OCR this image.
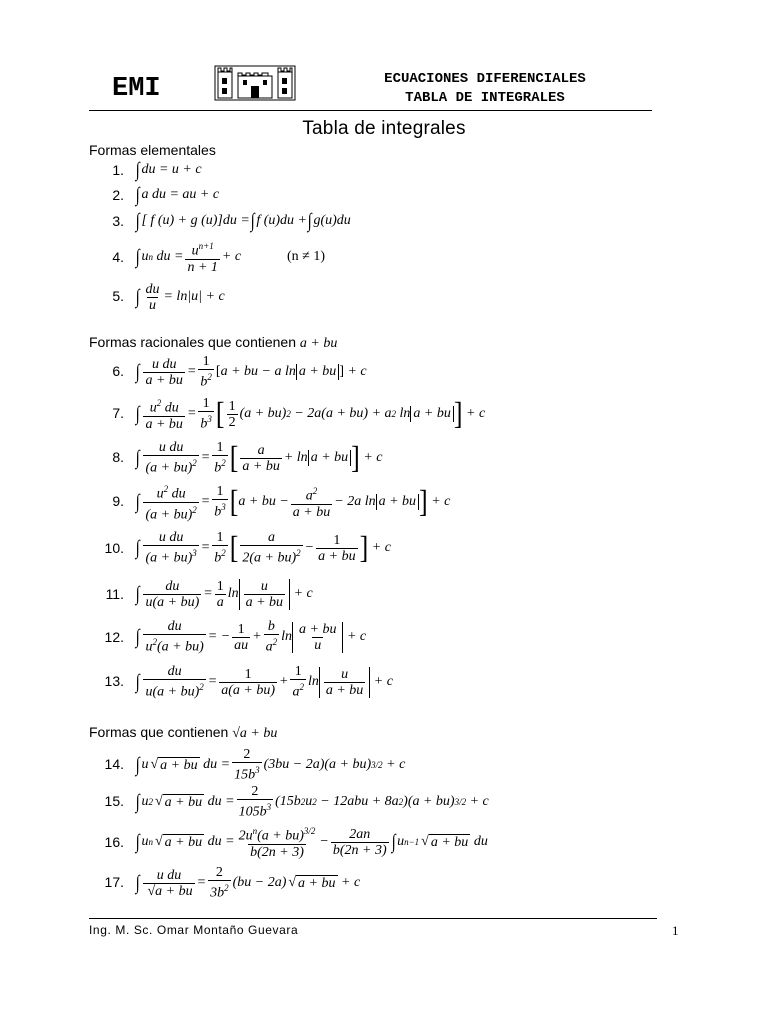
EMI	ECUACIONES DIFERENCIALES
TABLA DE INTEGRALES
Tabla de integrales
Formas elementales
1. ∫ du = u + c
2. ∫ a du = au + c
3. ∫ [ f (u) + g (u)]du = ∫ f (u)du + ∫ g(u)du
4. ∫ u n du = $\frac{u^{n+1}}{n + 1} + c$	(n ≠ 1)
5. ∫ $\frac{du}{u} = \ln|u| + c$
Formas racionales que contienen a + bu
6. ∫ $\frac{\text{u du}}{a + bu} = \frac{1}{b^2}$ [ a + bu − a ln a + bu ] + c
7. ∫ $\frac{u^2 du}{a + bu} = \frac{1}{b^3}$ [ $\frac{1}{2} (a + bu) 2 - 2a(a + bu) + a$ 2 ln a + bu ] + c
8. ∫ $\frac{\text{u du}}{(a + bu)^2} = \frac{1}{b^2}$ [ $\frac{a}{a + bu} + \ln a$ + bu ] + c
9. ∫ $\frac{u^2 du}{(a + bu)^2} = \frac{1}{b^3}$ [ a + bu − $\frac{a^2}{a + bu} - 2a$ ln a + bu ] + c
10. ∫ $\frac{\text{u du}}{(a + bu)^3} = \frac{1}{b^2}$ [ $\frac{a}{2(a + bu)^2} - \frac{1}{a + bu}$ ] + c
11. ∫ $\frac{du}{u(a + bu)} = \frac{1}{a}$ $\ln \frac{u}{a + bu} + c$
12. ∫ $\frac{du}{u^2(a + bu)}$ = − $\frac{1}{au} + \frac{b}{a^2}$ $\ln \frac{a + bu}{u} + c$
13. ∫ $\frac{du}{u(a + bu)^2} = \frac{1}{a(a + bu)} + \frac{1}{a^2}$ $\ln \frac{u}{a + bu} + c$
Formas que contienen √a + bu
14. ∫ u √ a + bu du = $\frac{2}{15b^3} (3bu - 2a)(a + bu) 3/2 + c$
15. ∫ u 2 √ a + bu du = $\frac{2}{105b^3} (15b$ 2 u 2 − 12abu + 8a 2 )(a + bu) 3/2 + c
16. ∫ u n √ a + bu du = $\frac{2u^n(a + bu)^{3/2}}{b(2n + 3)} - \frac{2an}{b(2n + 3)}$ ∫ u n−1 √ a + bu du
17. ∫ $\frac{\text{u du}}{√a + bu} = \frac{2}{3b^2} (bu - 2a)$ √ a + bu + c
Ing. M. Sc. Omar Montaño Guevara	1
